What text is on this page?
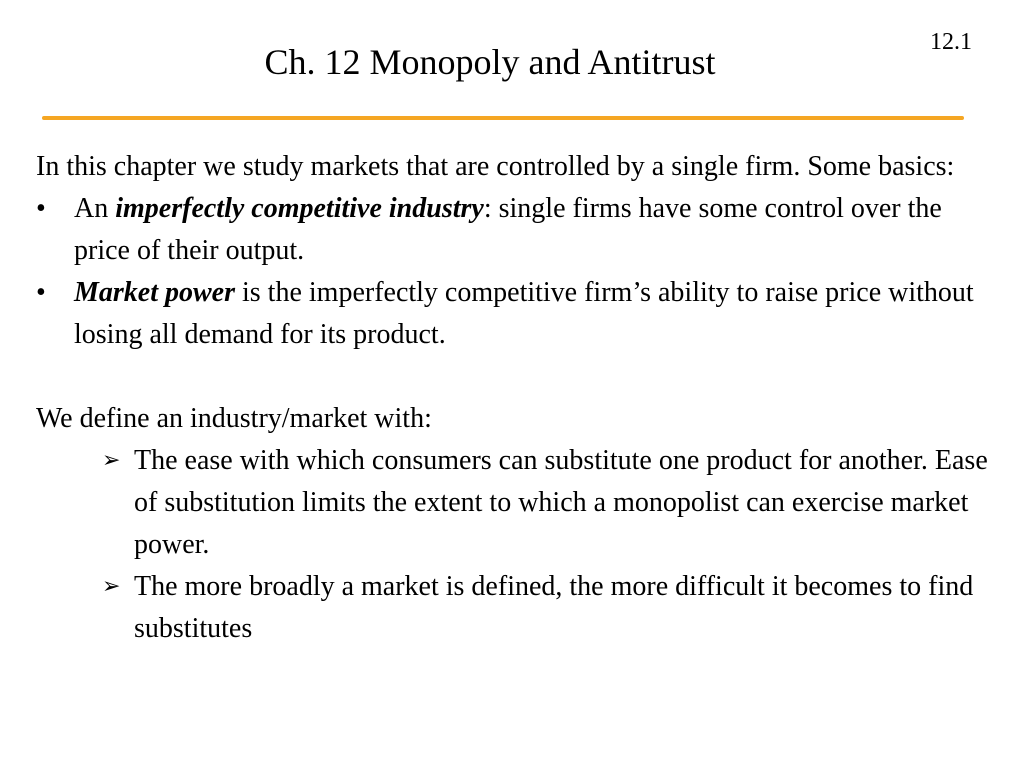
12.1
Ch. 12 Monopoly and Antitrust

In this chapter we study markets that are controlled by a single firm. Some basics:

•	An imperfectly competitive industry: single firms have some control over the price of their output.
•	Market power is the imperfectly competitive firm’s ability to raise price without losing all demand for its product.

We define an industry/market with:

➢ The ease with which consumers can substitute one product for another. Ease of substitution limits the extent to which a monopolist can exercise market power.
➢ The more broadly a market is defined, the more difficult it becomes to find substitutes
